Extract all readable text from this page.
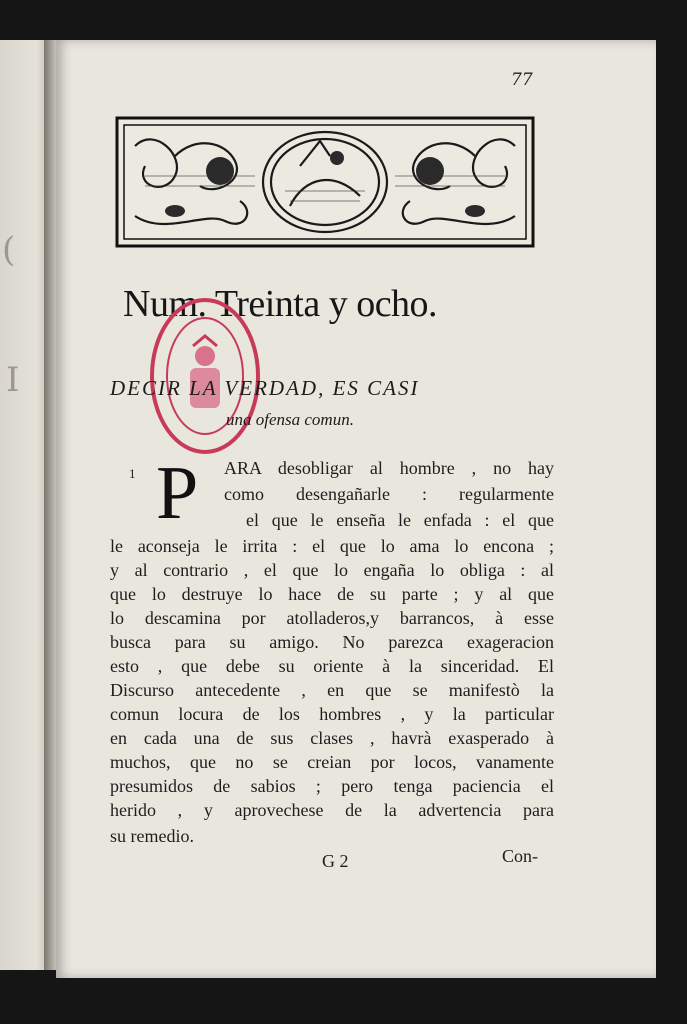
(
I
77
Num. Treinta y ocho.
DECIR LA VERDAD, ES CASI
una ofensa comun.
1 P ARA desobligar al hombre , no hay
como desengañarle : regularmente
el que le enseña le enfada : el que
le aconseja le irrita : el que lo ama lo encona ;
y al contrario , el que lo engaña lo obliga : al
que lo destruye lo hace de su parte ; y al que
lo descamina por atolladeros,y barrancos, à esse
busca para su amigo. No parezca exageracion
esto , que debe su oriente à la sinceridad. El
Discurso antecedente , en que se manifestò la
comun locura de los hombres , y la particular
en cada una de sus clases , havrà exasperado à
muchos, que no se creian por locos, vanamente
presumidos de sabios ; pero tenga paciencia el
herido , y aprovechese de la advertencia para
su remedio.
G 2	Con-
